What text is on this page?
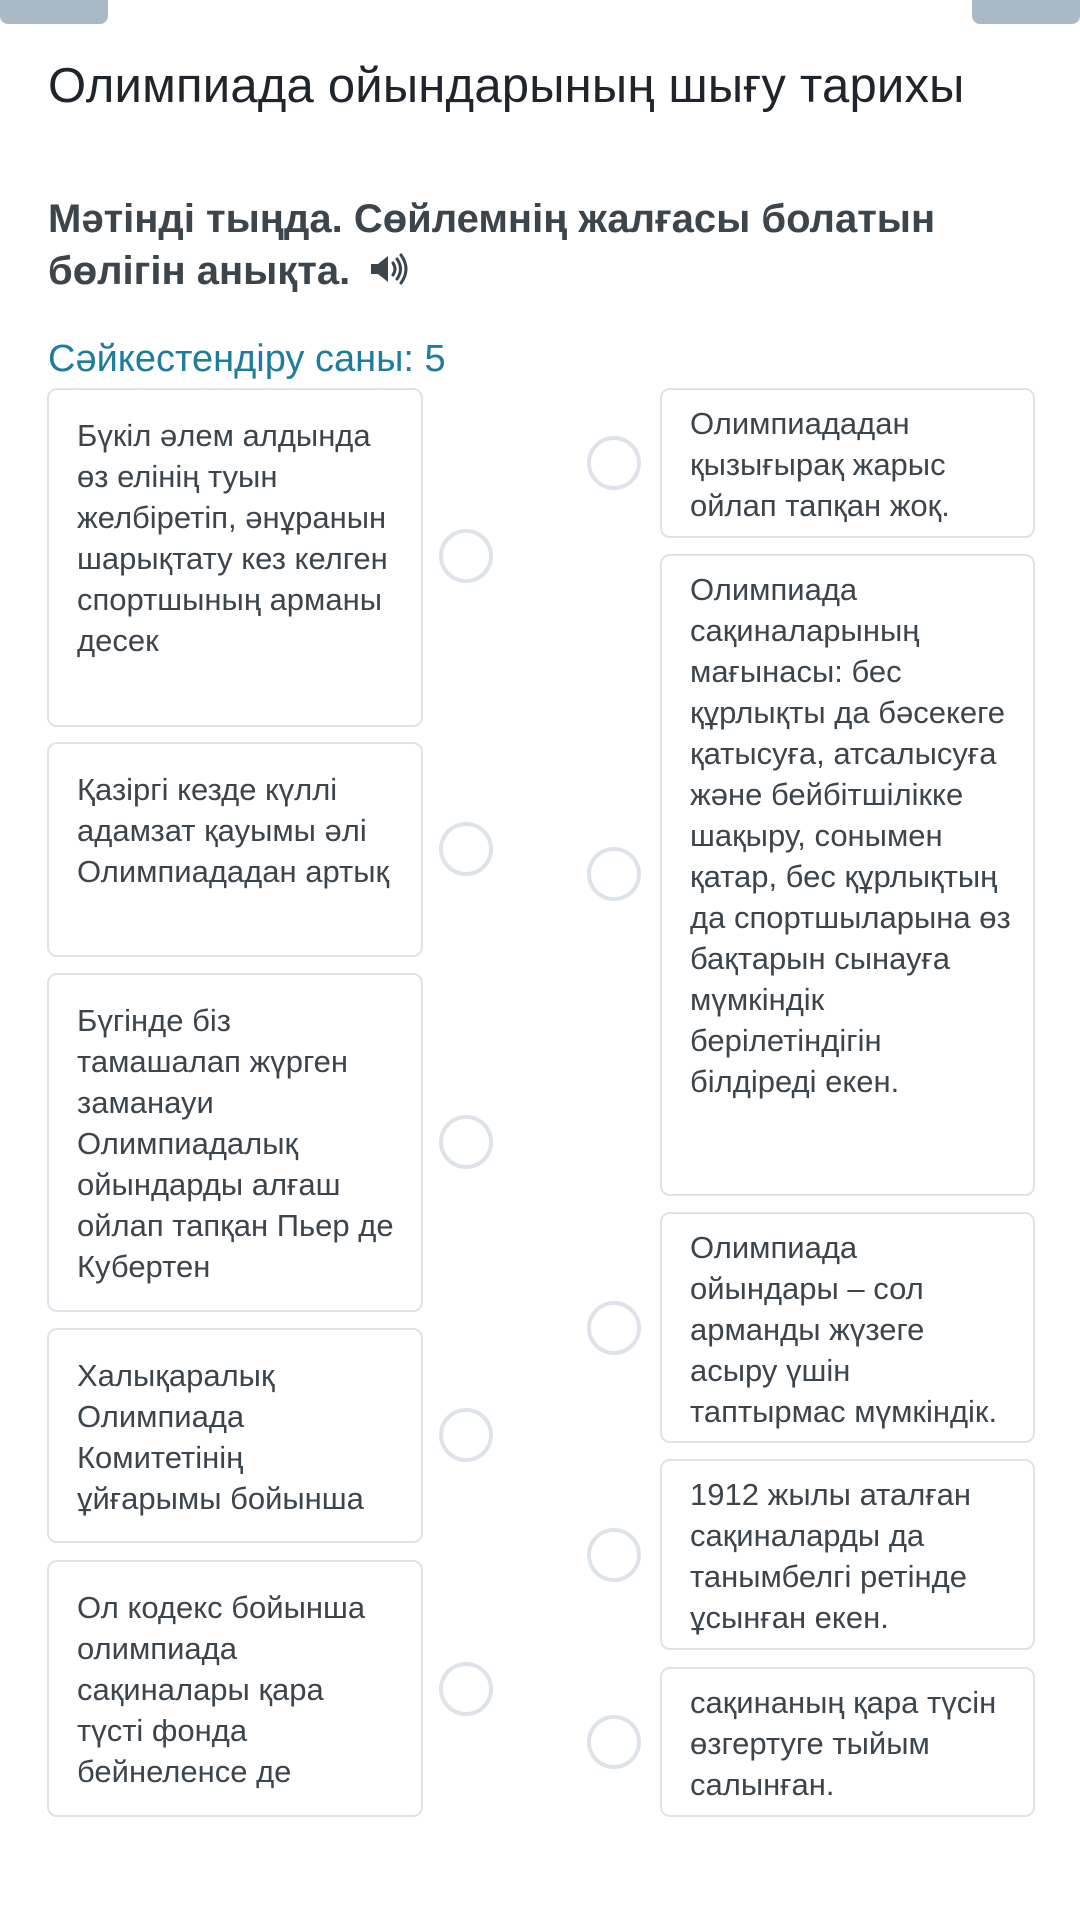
Олимпиада ойындарының шығу тарихы
Мәтінді тыңда. Сөйлемнің жалғасы болатын бөлігін анықта.
Сәйкестендіру саны: 5
Бүкіл әлем алдында өз елінің туын желбіретіп, әнұранын шарықтату кез келген спортшының арманы десек
Қазіргі кезде күллі адамзат қауымы әлі Олимпиададан артық
Бүгінде біз тамашалап жүрген заманауи Олимпиадалық ойындарды алғаш ойлап тапқан Пьер де Кубертен
Халықаралық Олимпиада Комитетінің ұйғарымы бойынша
Ол кодекс бойынша олимпиада сақиналары қара түсті фонда бейнеленсе де
Олимпиададан қызығырақ жарыс ойлап тапқан жоқ.
Олимпиада сақиналарының мағынасы: бес құрлықты да бәсекеге қатысуға, атсалысуға және бейбітшілікке шақыру, сонымен қатар, бес құрлықтың да спортшыларына өз бақтарын сынауға мүмкіндік берілетіндігін білдіреді екен.
Олимпиада ойындары – сол арманды жүзеге асыру үшін таптырмас мүмкіндік.
1912 жылы аталған сақиналарды да танымбелгі ретінде ұсынған екен.
сақинаның қара түсін өзгертуге тыйым салынған.
